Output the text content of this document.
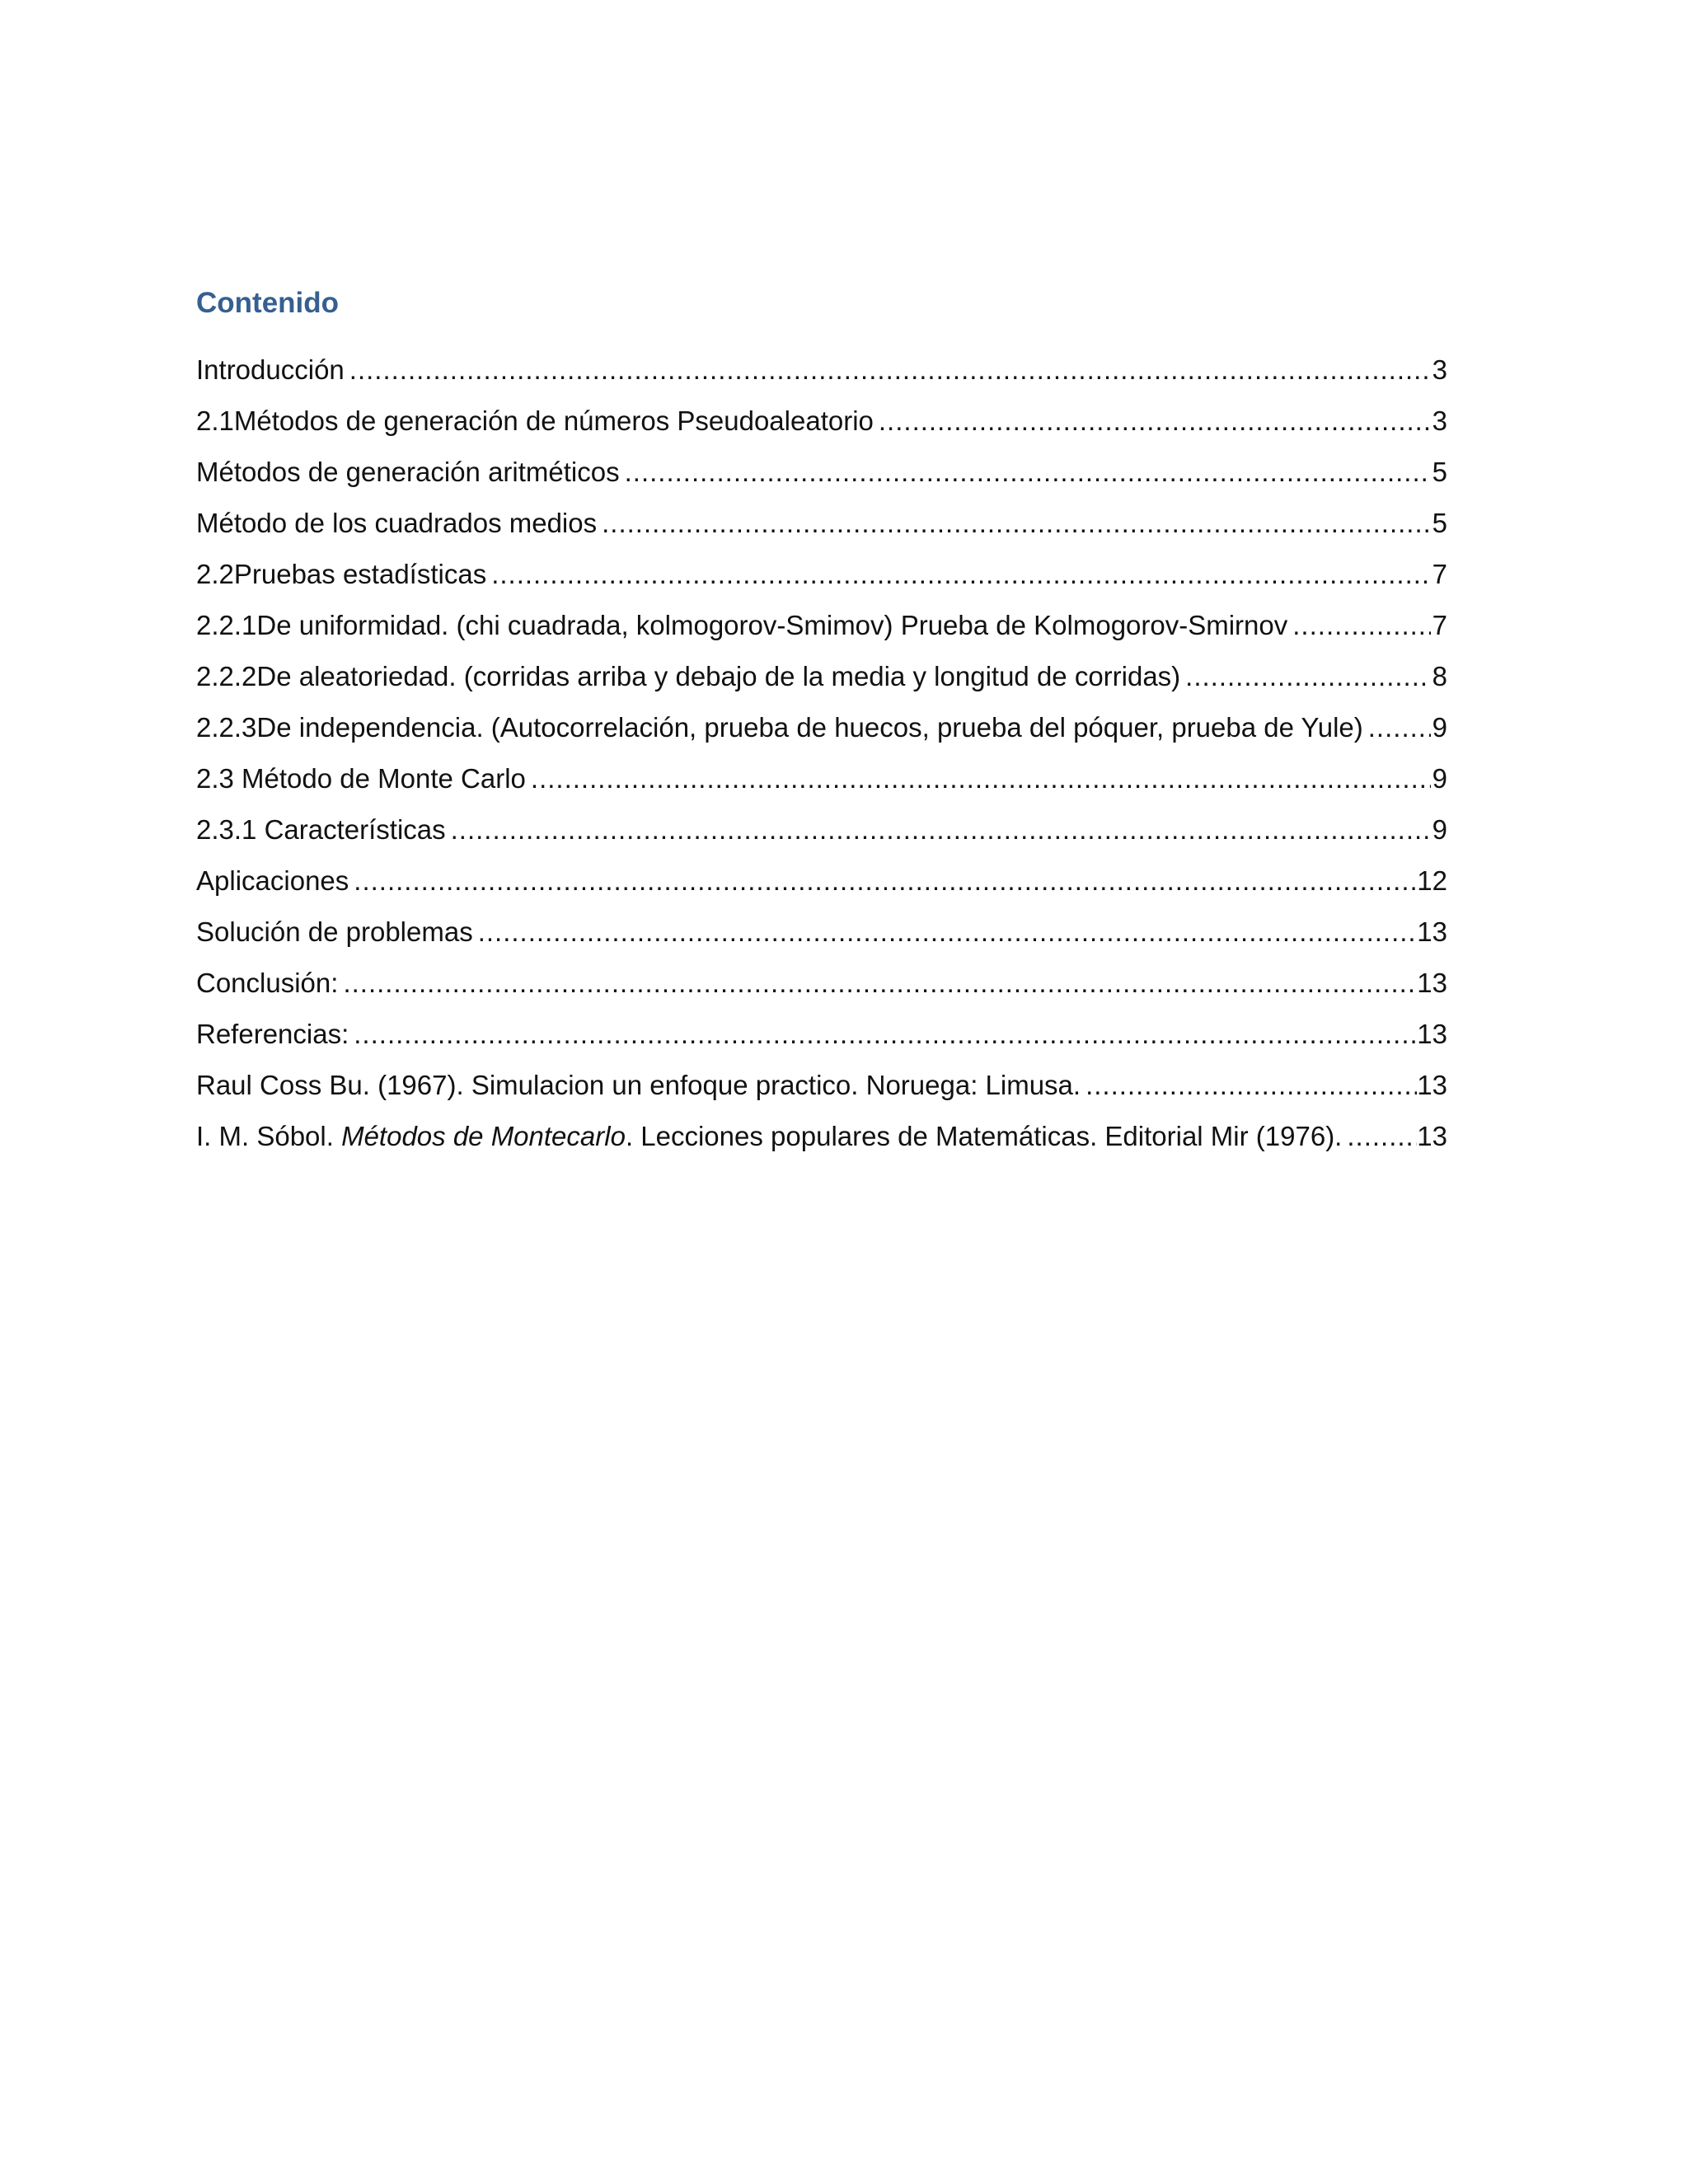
Contenido
Introducción .....	3
2.1Métodos de generación de números Pseudoaleatorio .....	3
Métodos de generación aritméticos .....	5
Método de los cuadrados medios .....	5
2.2Pruebas estadísticas .....	7
2.2.1De uniformidad. (chi cuadrada, kolmogorov-Smimov) Prueba de Kolmogorov-Smirnov .....	7
2.2.2De aleatoriedad. (corridas arriba y debajo de la media y longitud de corridas) .....	8
2.2.3De independencia. (Autocorrelación, prueba de huecos, prueba del póquer, prueba de Yule) .....	9
2.3 Método de Monte Carlo .....	9
2.3.1 Características .....	9
Aplicaciones .....	12
Solución de problemas .....	13
Conclusión: .....	13
Referencias: .....	13
Raul Coss Bu. (1967). Simulacion un enfoque practico. Noruega: Limusa. .....	13
I. M. Sóbol. Métodos de Montecarlo. Lecciones populares de Matemáticas. Editorial Mir (1976). .....	13
